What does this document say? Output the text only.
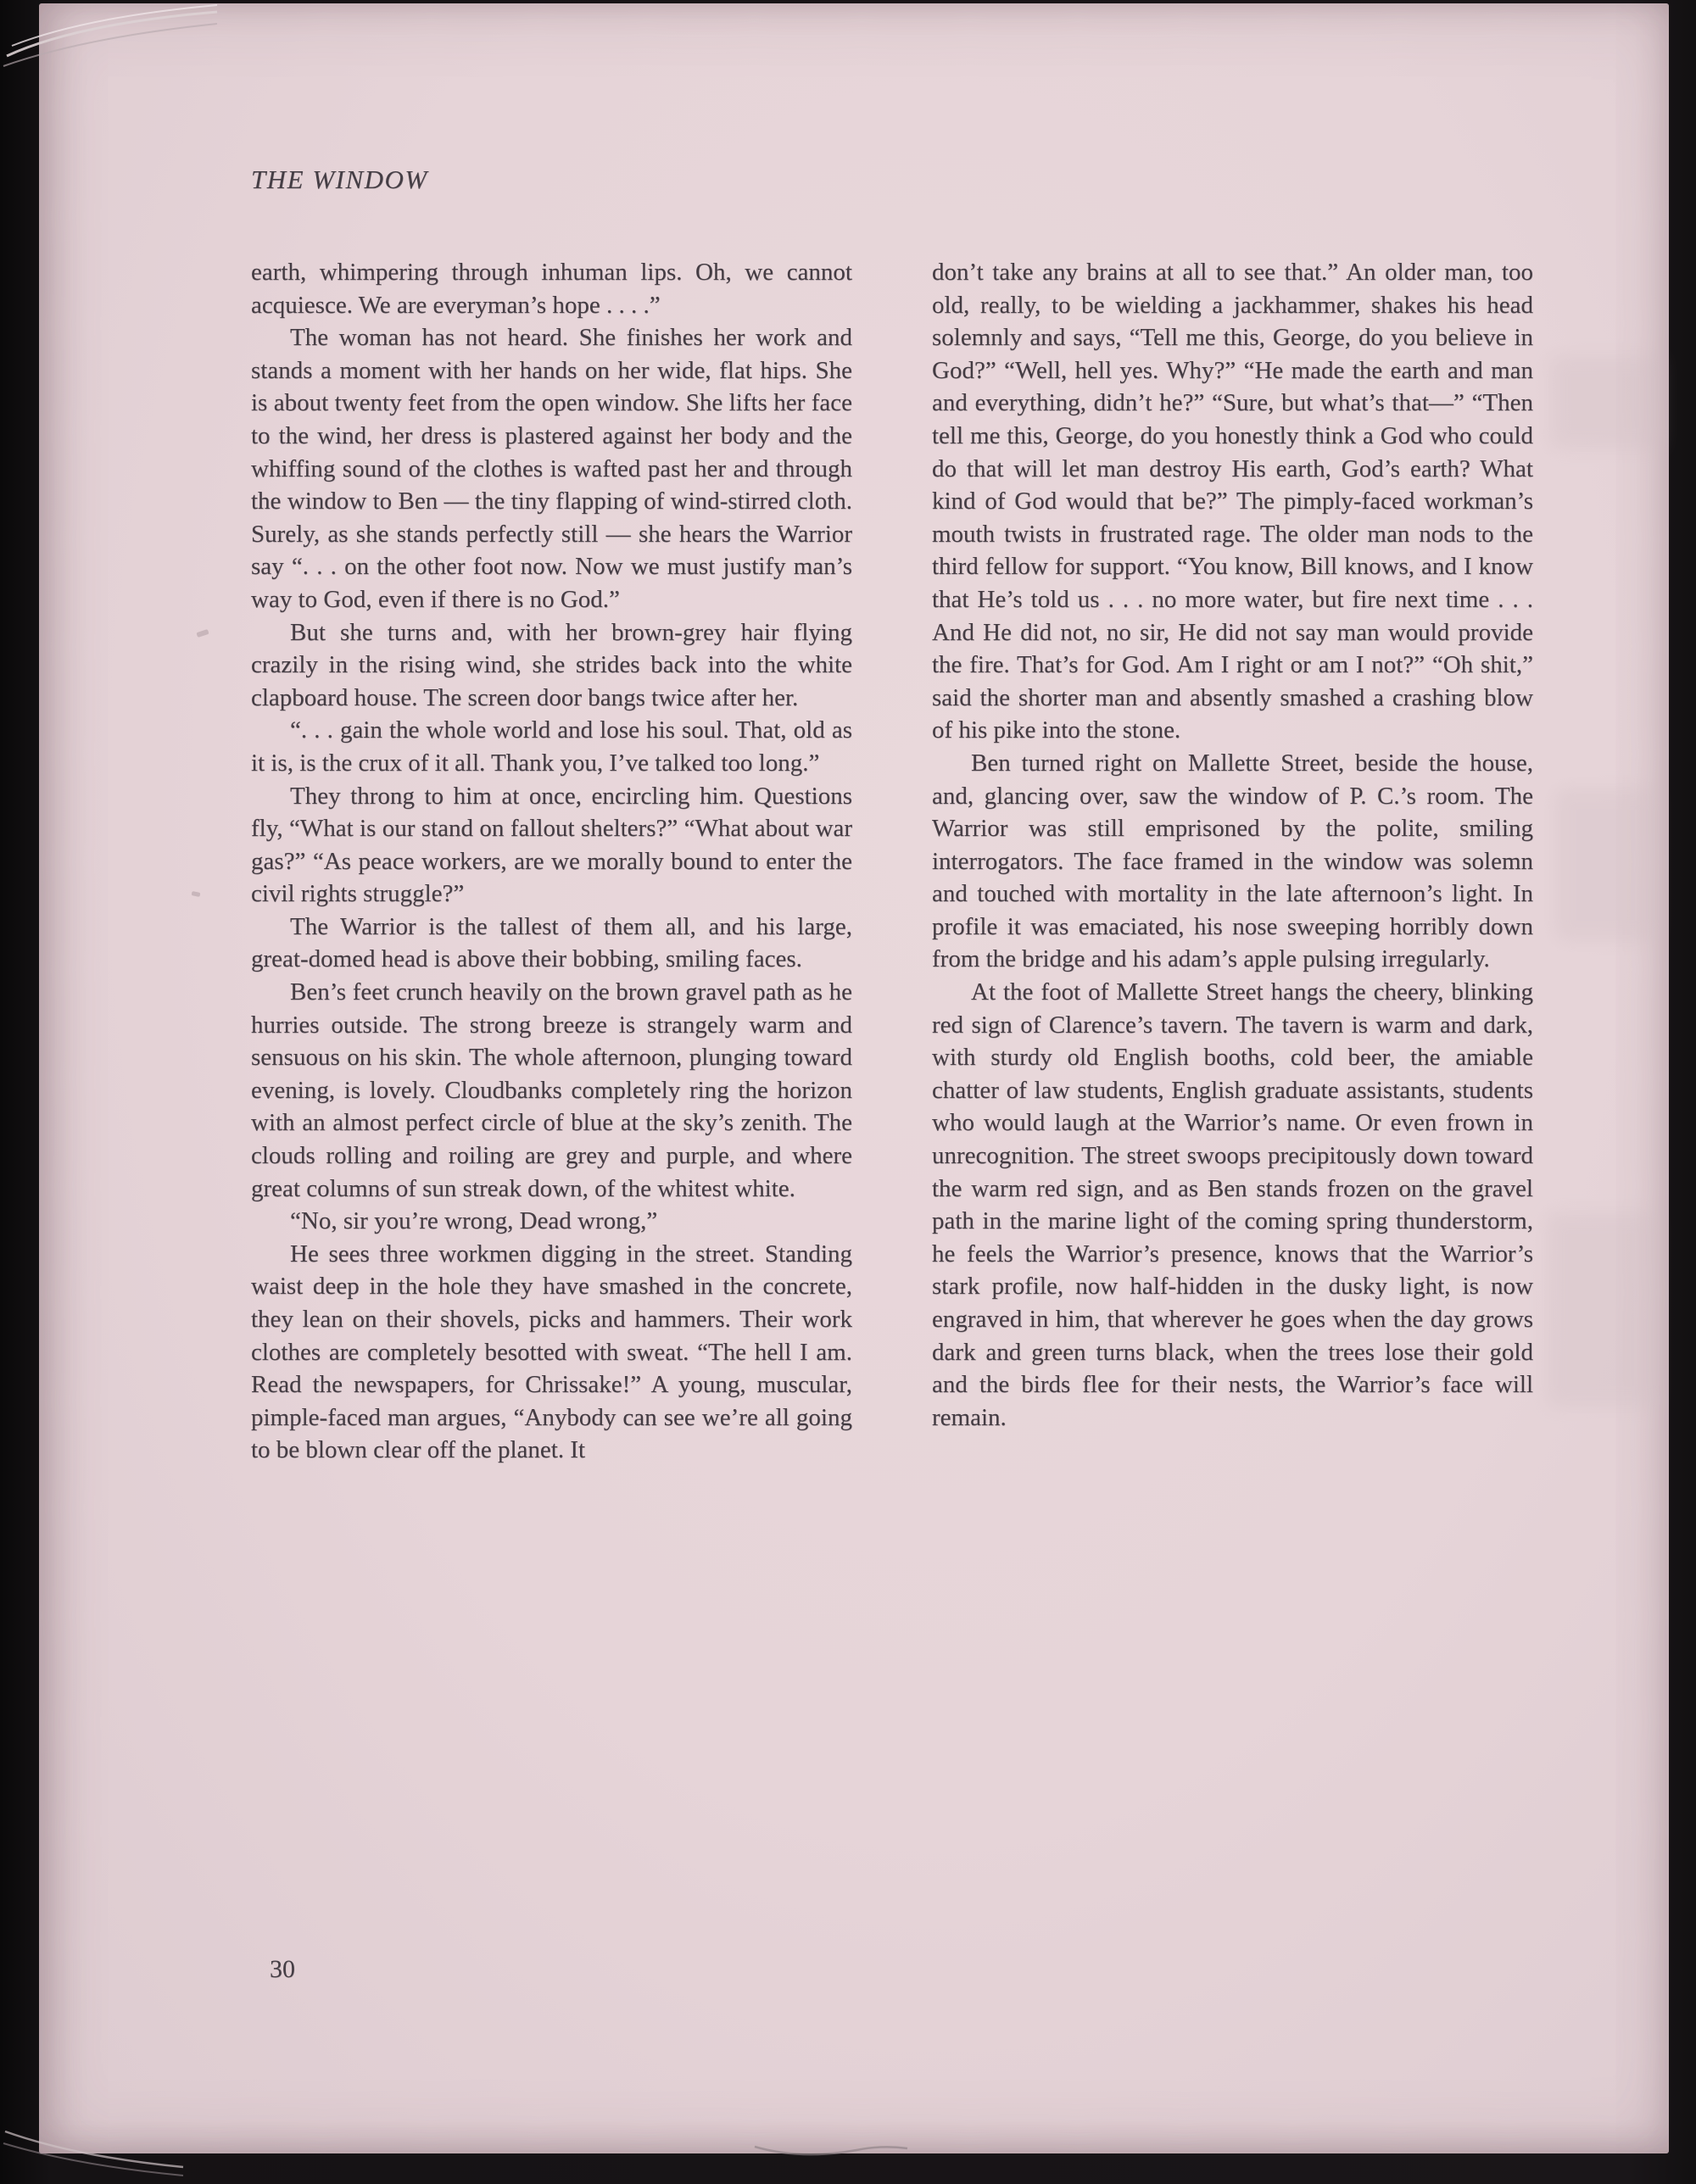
THE WINDOW

earth, whimpering through inhuman lips. Oh, we cannot acquiesce. We are everyman’s hope . . . .”

The woman has not heard. She finishes her work and stands a moment with her hands on her wide, flat hips. She is about twenty feet from the open window. She lifts her face to the wind, her dress is plastered against her body and the whiffing sound of the clothes is wafted past her and through the window to Ben — the tiny flapping of wind-stirred cloth. Surely, as she stands perfectly still — she hears the Warrior say “. . . on the other foot now. Now we must justify man’s way to God, even if there is no God.”

But she turns and, with her brown-grey hair flying crazily in the rising wind, she strides back into the white clapboard house. The screen door bangs twice after her.

“. . . gain the whole world and lose his soul. That, old as it is, is the crux of it all. Thank you, I’ve talked too long.”

They throng to him at once, encircling him. Questions fly, “What is our stand on fallout shelters?” “What about war gas?” “As peace workers, are we morally bound to enter the civil rights struggle?”

The Warrior is the tallest of them all, and his large, great-domed head is above their bobbing, smiling faces.

Ben’s feet crunch heavily on the brown gravel path as he hurries outside. The strong breeze is strangely warm and sensuous on his skin. The whole afternoon, plunging toward evening, is lovely. Cloudbanks completely ring the horizon with an almost perfect circle of blue at the sky’s zenith. The clouds rolling and roiling are grey and purple, and where great columns of sun streak down, of the whitest white.

“No, sir you’re wrong, Dead wrong,”

He sees three workmen digging in the street. Standing waist deep in the hole they have smashed in the concrete, they lean on their shovels, picks and hammers. Their work clothes are completely besotted with sweat. “The hell I am. Read the newspapers, for Chrissake!” A young, muscular, pimple-faced man argues, “Anybody can see we’re all going to be blown clear off the planet. It

don’t take any brains at all to see that.” An older man, too old, really, to be wielding a jackhammer, shakes his head solemnly and says, “Tell me this, George, do you believe in God?” “Well, hell yes. Why?” “He made the earth and man and everything, didn’t he?” “Sure, but what’s that—” “Then tell me this, George, do you honestly think a God who could do that will let man destroy His earth, God’s earth? What kind of God would that be?” The pimply-faced workman’s mouth twists in frustrated rage. The older man nods to the third fellow for support. “You know, Bill knows, and I know that He’s told us . . . no more water, but fire next time . . . And He did not, no sir, He did not say man would provide the fire. That’s for God. Am I right or am I not?” “Oh shit,” said the shorter man and absently smashed a crashing blow of his pike into the stone.

Ben turned right on Mallette Street, beside the house, and, glancing over, saw the window of P. C.’s room. The Warrior was still emprisoned by the polite, smiling interrogators. The face framed in the window was solemn and touched with mortality in the late afternoon’s light. In profile it was emaciated, his nose sweeping horribly down from the bridge and his adam’s apple pulsing irregularly.

At the foot of Mallette Street hangs the cheery, blinking red sign of Clarence’s tavern. The tavern is warm and dark, with sturdy old English booths, cold beer, the amiable chatter of law students, English graduate assistants, students who would laugh at the Warrior’s name. Or even frown in unrecognition. The street swoops precipitously down toward the warm red sign, and as Ben stands frozen on the gravel path in the marine light of the coming spring thunderstorm, he feels the Warrior’s presence, knows that the Warrior’s stark profile, now half-hidden in the dusky light, is now engraved in him, that wherever he goes when the day grows dark and green turns black, when the trees lose their gold and the birds flee for their nests, the Warrior’s face will remain.

30
